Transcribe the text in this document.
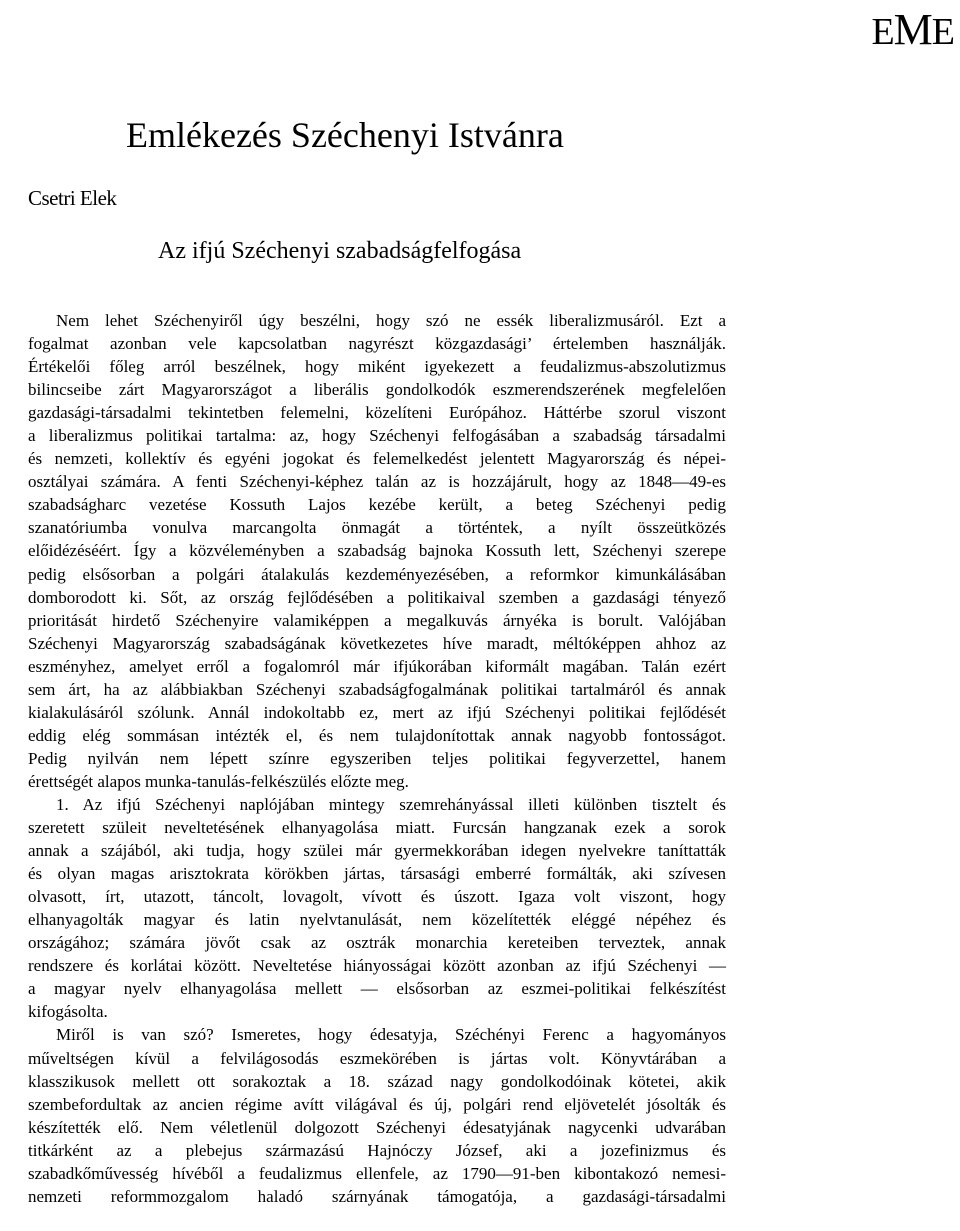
EME
Emlékezés Széchenyi Istvánra
Csetri Elek
Az ifjú Széchenyi szabadságfelfogása
Nem lehet Széchenyiről úgy beszélni, hogy szó ne essék liberalizmusáról. Ezt a
fogalmat azonban vele kapcsolatban nagyrészt közgazdasági’ értelemben használják.
Értékelői főleg arról beszélnek, hogy miként igyekezett a feudalizmus-abszolutizmus
bilincseibe zárt Magyarországot a liberális gondolkodók eszmerendszerének megfelelően
gazdasági-társadalmi tekintetben felemelni, közelíteni Európához. Háttérbe szorul viszont
a liberalizmus politikai tartalma: az, hogy Széchenyi felfogásában a szabadság társadalmi
és nemzeti, kollektív és egyéni jogokat és felemelkedést jelentett Magyarország és népei-
osztályai számára. A fenti Széchenyi-képhez talán az is hozzájárult, hogy az 1848—49-es
szabadságharc vezetése Kossuth Lajos kezébe került, a beteg Széchenyi pedig
szanatóriumba vonulva marcangolta önmagát a történtek, a nyílt összeütközés
előidézéséért. Így a közvéleményben a szabadság bajnoka Kossuth lett, Széchenyi szerepe
pedig elsősorban a polgári átalakulás kezdeményezésében, a reformkor kimunkálásában
domborodott ki. Sőt, az ország fejlődésében a politikaival szemben a gazdasági tényező
prioritását hirdető Széchenyire valamiképpen a megalkuvás árnyéka is borult. Valójában
Széchenyi Magyarország szabadságának következetes híve maradt, méltóképpen ahhoz az
eszményhez, amelyet erről a fogalomról már ifjúkorában kiformált magában. Talán ezért
sem árt, ha az alábbiakban Széchenyi szabadságfogalmának politikai tartalmáról és annak
kialakulásáról szólunk. Annál indokoltabb ez, mert az ifjú Széchenyi politikai fejlődését
eddig elég sommásan intézték el, és nem tulajdonítottak annak nagyobb fontosságot.
Pedig nyilván nem lépett színre egyszeriben teljes politikai fegyverzettel, hanem
érettségét alapos munka-tanulás-felkészülés előzte meg.
1. Az ifjú Széchenyi naplójában mintegy szemrehányással illeti különben tisztelt és
szeretett szüleit neveltetésének elhanyagolása miatt. Furcsán hangzanak ezek a sorok
annak a szájából, aki tudja, hogy szülei már gyermekkorában idegen nyelvekre taníttatták
és olyan magas arisztokrata körökben jártas, társasági emberré formálták, aki szívesen
olvasott, írt, utazott, táncolt, lovagolt, vívott és úszott. Igaza volt viszont, hogy
elhanyagolták magyar és latin nyelvtanulását, nem közelítették eléggé népéhez és
országához; számára jövőt csak az osztrák monarchia kereteiben terveztek, annak
rendszere és korlátai között. Neveltetése hiányosságai között azonban az ifjú Széchenyi —
a magyar nyelv elhanyagolása mellett — elsősorban az eszmei-politikai felkészítést
kifogásolta.
Miről is van szó? Ismeretes, hogy édesatyja, Széchényi Ferenc a hagyományos
műveltségen kívül a felvilágosodás eszmekörében is jártas volt. Könyvtárában a
klasszikusok mellett ott sorakoztak a 18. század nagy gondolkodóinak kötetei, akik
szembefordultak az ancien régime avítt világával és új, polgári rend eljövetelét jósolták és
készítették elő. Nem véletlenül dolgozott Széchenyi édesatyjának nagycenki udvarában
titkárként az a plebejus származású Hajnóczy József, aki a jozefinizmus és
szabadkőművesség hívéből a feudalizmus ellenfele, az 1790—91-ben kibontakozó nemesi-
nemzeti reformmozgalom haladó szárnyának támogatója, a gazdasági-társadalmi
